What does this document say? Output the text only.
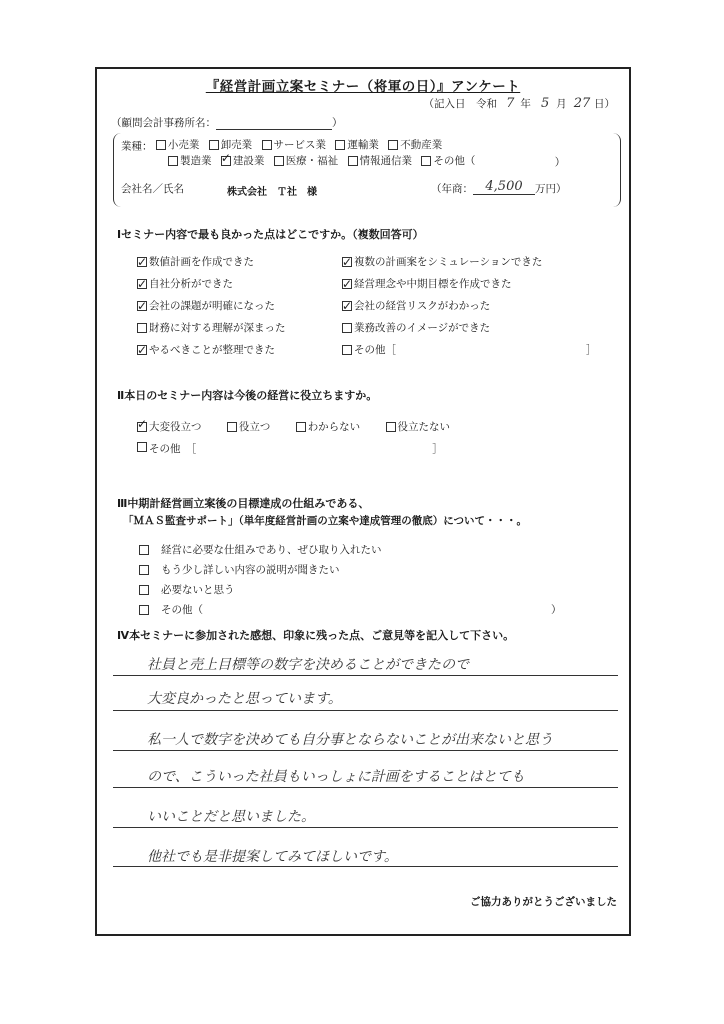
『経営計画立案セミナー（将軍の日）』アンケート
（記入日　令和 7 年 5 月 27 日）
（顧問会計事務所名：	）
業種： 小売業
卸売業
サービス業
運輸業
不動産業
製造業

✓ 建設業
医療・福祉
情報通信業
その他（	）
会社名／氏名	株式会社　Ｔ社　様	（年商： 4,500 万円）
Ⅰセミナー内容で最も良かった点はどこですか。（複数回答可）
✓
数値計画を作成できた

✓
自社分析ができた

✓
会社の課題が明確になった

財務に対する理解が深まった

✓
やるべきことが整理できた
✓
複数の計画案をシミュレーションできた

✓
経営理念や中期目標を作成できた

✓
会社の経営リスクがわかった

業務改善のイメージができた

その他［	］
Ⅱ本日のセミナー内容は今後の経営に役立ちますか。
✓
大変役立つ
	役立つ
	わからない
	役立たない
その他　［	］
Ⅲ中期計経営画立案後の目標達成の仕組みである、
「ＭＡＳ監査サポート」（単年度経営計画の立案や達成管理の徹底）について・・・。
経営に必要な仕組みであり、ぜひ取り入れたい

もう少し詳しい内容の説明が聞きたい

必要ないと思う

その他（	）
Ⅳ本セミナーに参加された感想、印象に残った点、ご意見等を記入して下さい。
社員と売上目標等の数字を決めることができたので
大変良かったと思っています。
私一人で数字を決めても自分事とならないことが出来ないと思う
ので、こういった社員もいっしょに計画をすることはとても
いいことだと思いました。
他社でも是非提案してみてほしいです。
ご協力ありがとうございました
